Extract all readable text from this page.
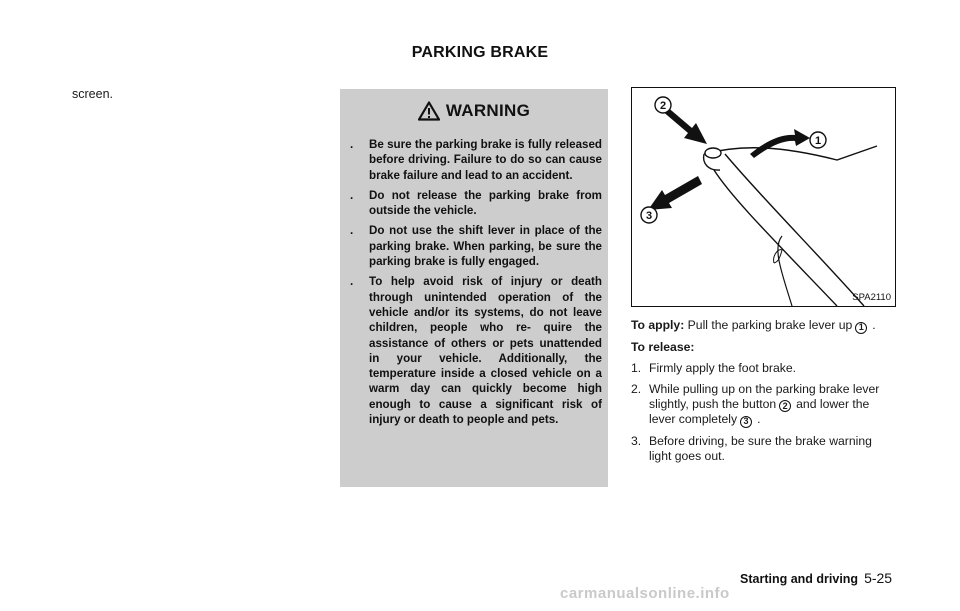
PARKING BRAKE
screen.
WARNING
. Be sure the parking brake is fully released before driving. Failure to do so can cause brake failure and lead to an accident.
. Do not release the parking brake from outside the vehicle.
. Do not use the shift lever in place of the parking brake. When parking, be sure the parking brake is fully engaged.
. To help avoid risk of injury or death through unintended operation of the vehicle and/or its systems, do not leave children, people who re- quire the assistance of others or pets unattended in your vehicle. Additionally, the temperature inside a closed vehicle on a warm day can quickly become high enough to cause a significant risk of injury or death to people and pets.
2
1
3
SPA2110

To apply: Pull the parking brake lever up 1 .

To release:

1. Firmly apply the foot brake.
2. While pulling up on the parking brake lever slightly, push the button 2 and lower the lever completely 3 .
3. Before driving, be sure the brake warning light goes out.
Starting and driving 5-25
carmanualsonline.info
